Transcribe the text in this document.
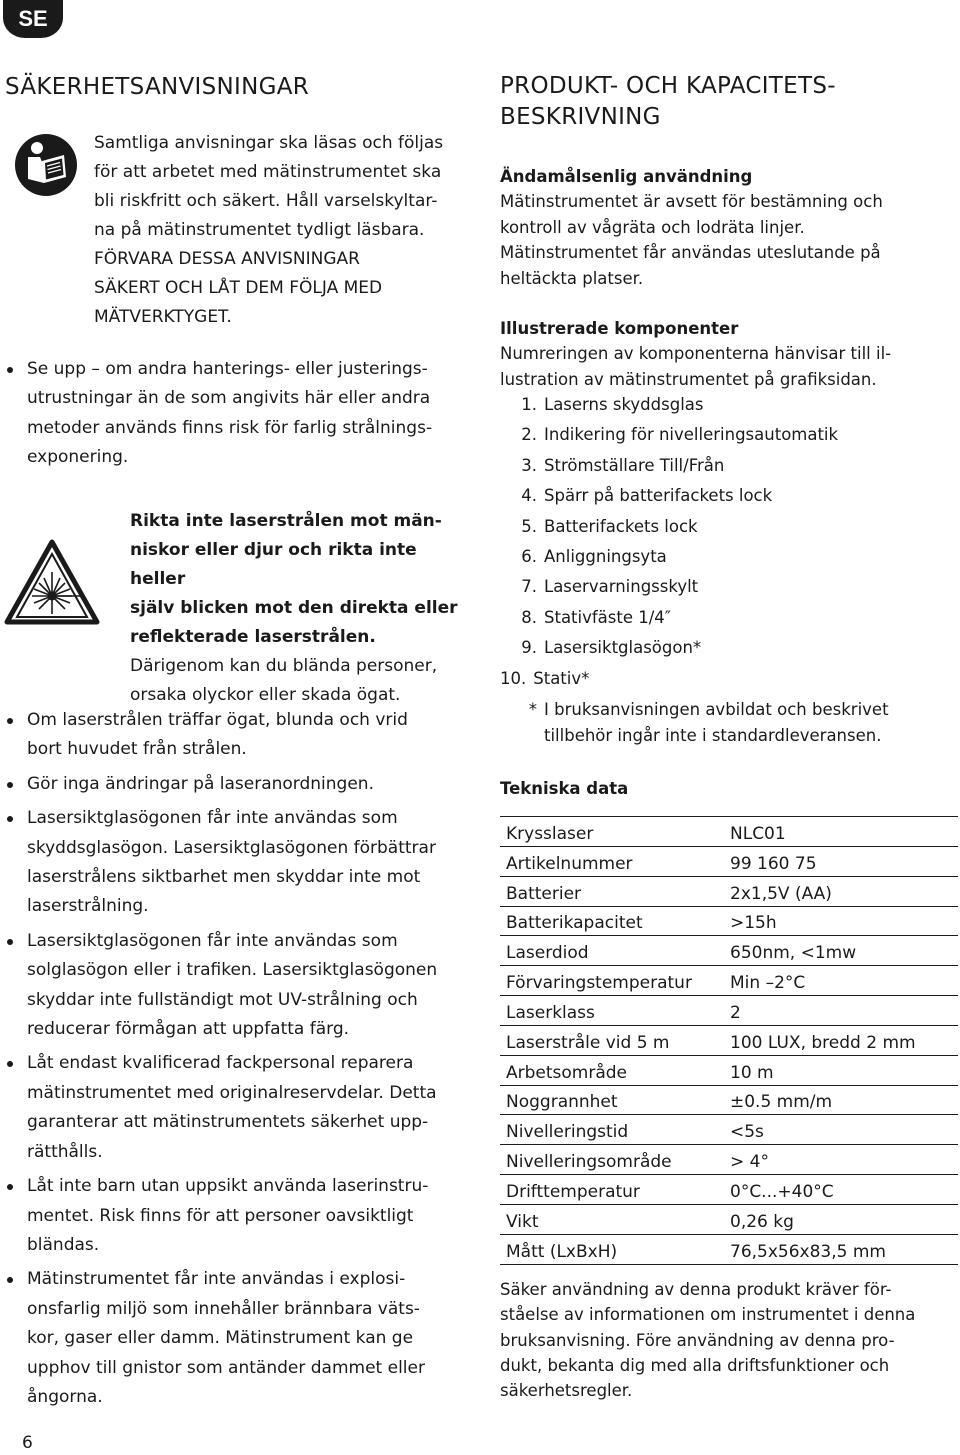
SE
SÄKERHETSANVISNINGAR
Samtliga anvisningar ska läsas och följas
för att arbetet med mätinstrumentet ska
bli riskfritt och säkert. Håll varselskyltar-
na på mätinstrumentet tydligt läsbara.
FÖRVARA DESSA ANVISNINGAR
SÄKERT OCH LÅT DEM FÖLJA MED
MÄTVERKTYGET.
Se upp – om andra hanterings- eller justerings-
utrustningar än de som angivits här eller andra
metoder används finns risk för farlig strålnings-
exponering.
Rikta inte laserstrålen mot män-
niskor eller djur och rikta inte heller
själv blicken mot den direkta eller
reflekterade laserstrålen.
Därigenom kan du blända personer,
orsaka olyckor eller skada ögat.
Om laserstrålen träffar ögat, blunda och vrid
bort huvudet från strålen.
Gör inga ändringar på laseranordningen.
Lasersiktglasögonen får inte användas som
skyddsglasögon. Lasersiktglasögonen förbättrar
laserstrålens siktbarhet men skyddar inte mot
laserstrålning.
Lasersiktglasögonen får inte användas som
solglasögon eller i trafiken. Lasersiktglasögonen
skyddar inte fullständigt mot UV-strålning och
reducerar förmågan att uppfatta färg.
Låt endast kvalificerad fackpersonal reparera
mätinstrumentet med originalreservdelar. Detta
garanterar att mätinstrumentets säkerhet upp-
rätthålls.
Låt inte barn utan uppsikt använda laserinstru-
mentet. Risk finns för att personer oavsiktligt
bländas.
Mätinstrumentet får inte användas i explosi-
onsfarlig miljö som innehåller brännbara väts-
kor, gaser eller damm. Mätinstrument kan ge
upphov till gnistor som antänder dammet eller
ångorna.
PRODUKT- OCH KAPACITETS-
BESKRIVNING

Ändamålsenlig användning

Mätinstrumentet är avsett för bestämning och
kontroll av vågräta och lodräta linjer.
Mätinstrumentet får användas uteslutande på
heltäckta platser.

Illustrerade komponenter

Numreringen av komponenterna hänvisar till il-
lustration av mätinstrumentet på grafiksidan.
1. Laserns skyddsglas
2. Indikering för nivelleringsautomatik
3. Strömställare Till/Från
4. Spärr på batterifackets lock
5. Batterifackets lock
6. Anliggningsyta
7. Laservarningsskylt
8. Stativfäste 1/4″
9. Lasersiktglasögon*
10. Stativ*
* I bruksanvisningen avbildat och beskrivet
tillbehör ingår inte i standardleveransen.

Tekniska data

Krysslaser	NLC01
Artikelnummer	99 160 75
Batterier	2x1,5V (AA)
Batterikapacitet	>15h
Laserdiod	650nm, <1mw
Förvaringstemperatur	Min –2°C
Laserklass	2
Laserstråle vid 5 m	100 LUX, bredd 2 mm
Arbetsområde	10 m
Noggrannhet	±0.5 mm/m
Nivelleringstid	<5s
Nivelleringsområde	> 4°
Drifttemperatur	0°C...+40°C
Vikt	0,26 kg
Mått (LxBxH)	76,5x56x83,5 mm
Säker användning av denna produkt kräver för-
ståelse av informationen om instrumentet i denna
bruksanvisning. Före användning av denna pro-
dukt, bekanta dig med alla driftsfunktioner och
säkerhetsregler.
6
